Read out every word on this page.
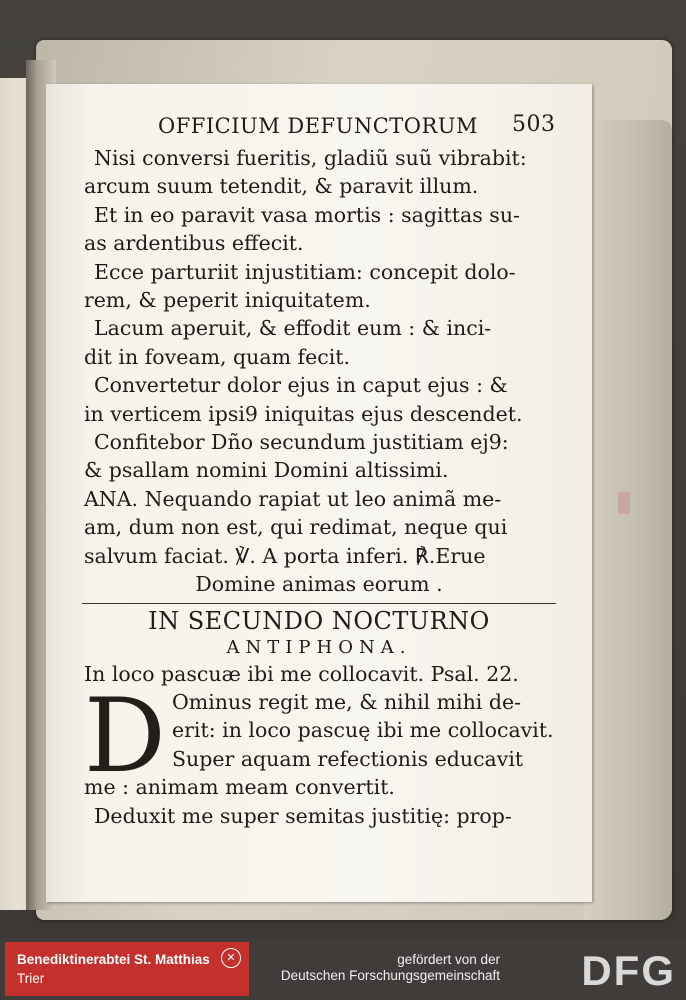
OFFICIUM DEFUNCTORUM 503
Nisi conversi fueritis, gladiũ suũ vibrabit:
arcum suum tetendit, & paravit illum.
Et in eo paravit vasa mortis : sagittas su-
as ardentibus effecit.
Ecce parturiit injustitiam: concepit dolo-
rem, & peperit iniquitatem.
Lacum aperuit, & effodit eum : & inci-
dit in foveam, quam fecit.
Convertetur dolor ejus in caput ejus : &
in verticem ipsi9 iniquitas ejus descendet.
Confitebor Dño secundum justitiam ej9:
& psallam nomini Domini altissimi.
ANA. Nequando rapiat ut leo animã me-
am, dum non est, qui redimat, neque qui
salvum faciat. ℣. A porta inferi. ℟.Erue
Domine animas eorum .
IN SECUNDO NOCTURNO
ANTIPHONA.
In loco pascuæ ibi me collocavit. Psal. 22.
D Ominus regit me, & nihil mihi de-
erit: in loco pascuę ibi me collocavit.
Super aquam refectionis educavit
me : animam meam convertit.
Deduxit me super semitas justitię: prop-
Benediktinerabtei St. Matthias
Trier
✕	gefördert von der
Deutschen Forschungsgemeinschaft DFG
